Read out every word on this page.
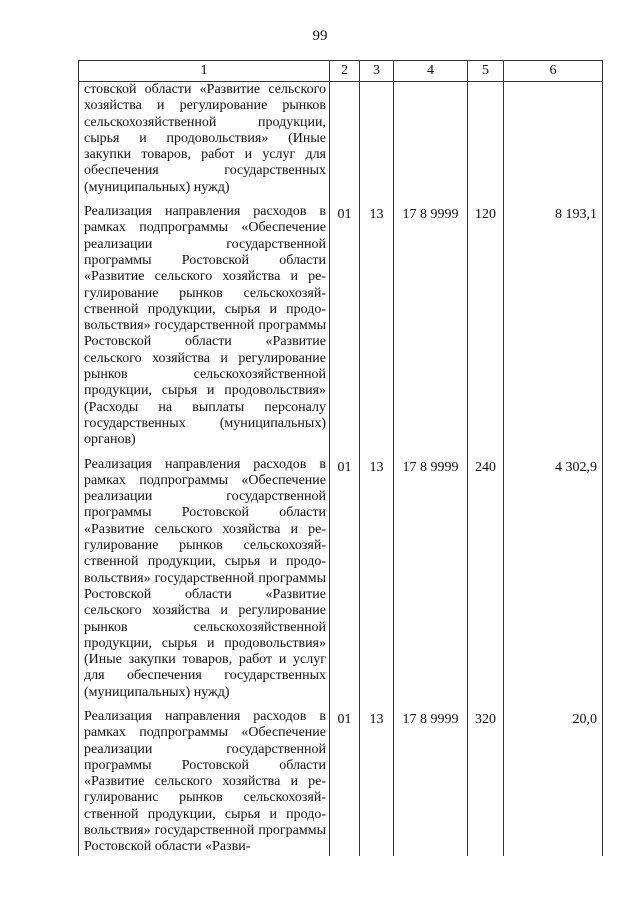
99
1	2	3	4	5	6
стовской области «Развитие сельского хозяйства и регулирование рынков сельскохозяйственной продукции, сырья и продовольствия» (Иные закупки товаров, работ и услуг для обеспечения государственных (муниципальных) нужд)					

Реализация направления расходов в рамках подпрограммы «Обеспечение реализации государственной программы Ростовской области «Развитие сельского хозяйства и регулирование рынков сельскохозяйственной продукции, сырья и продовольствия» государственной программы Ростовской области «Развитие сельского хозяйства и регулирование рынков сельскохозяйственной продукции, сырья и продовольствия» (Расходы на выплаты персоналу государственных (муниципальных) органов)	01	13	17 8 9999	120	8 193,1

Реализация направления расходов в рамках подпрограммы «Обеспечение реализации государственной программы Ростовской области «Развитие сельского хозяйства и регулирование рынков сельскохозяйственной продукции, сырья и продовольствия» государственной программы Ростовской области «Развитие сельского хозяйства и регулирование рынков сельскохозяйственной продукции, сырья и продовольствия» (Иные закупки товаров, работ и услуг для обеспечения государственных (муниципальных) нужд)	01	13	17 8 9999	240	4 302,9

Реализация направления расходов в рамках подпрограммы «Обеспечение реализации государственной программы Ростовской области «Развитие сельского хозяйства и регулированис рынков сельскохозяйственной продукции, сырья и продовольствия» государственной программы Ростовской области «Разви-	01	13	17 8 9999	320	20,0
